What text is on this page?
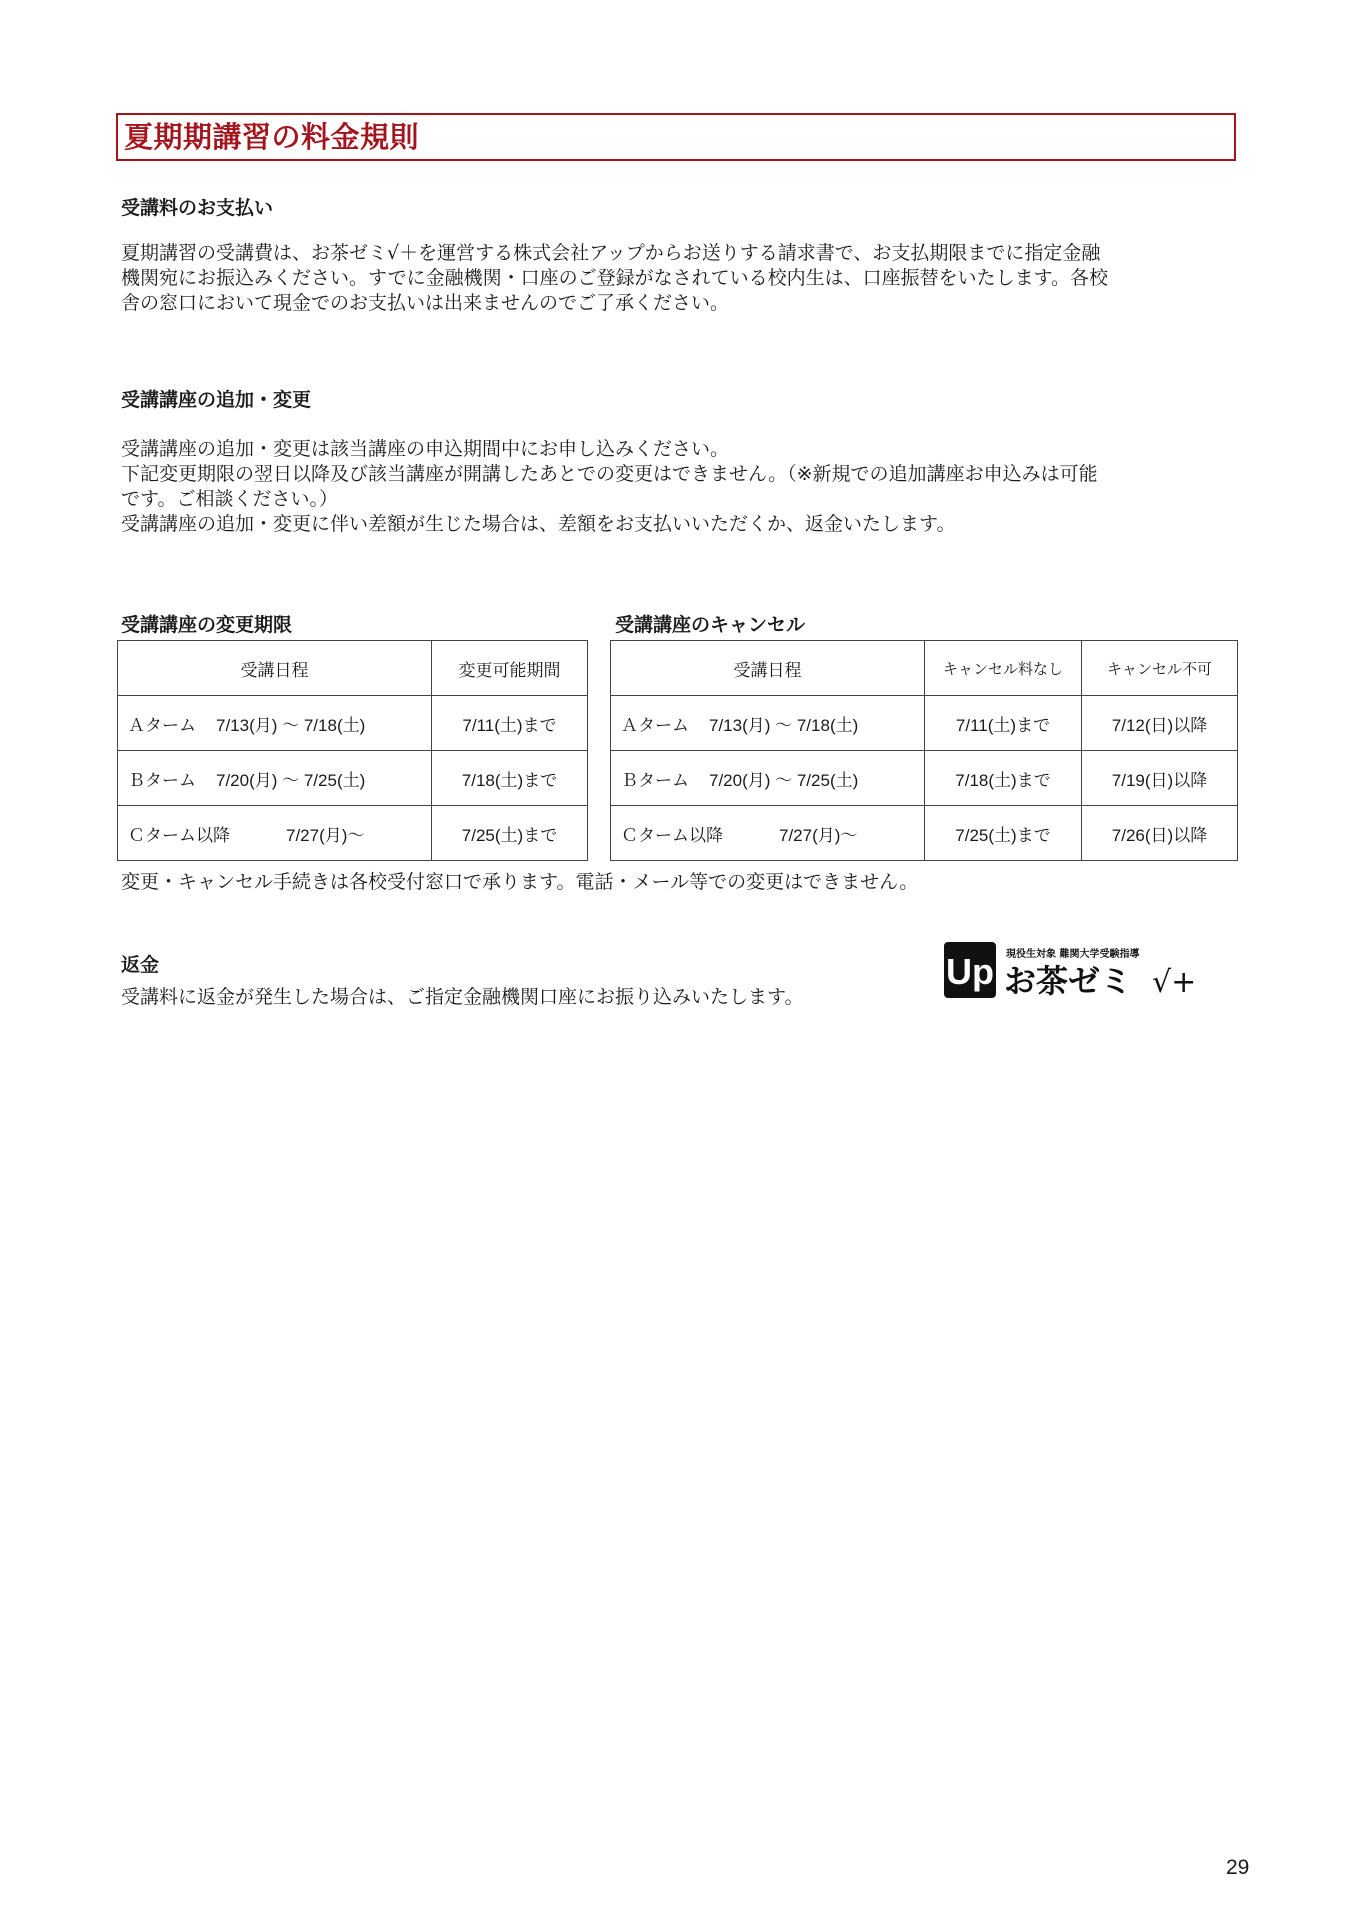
夏期期講習の料金規則
受講料のお支払い
夏期講習の受講費は、お茶ゼミ√＋を運営する株式会社アップからお送りする請求書で、お支払期限までに指定金融
機関宛にお振込みください。すでに金融機関・口座のご登録がなされている校内生は、口座振替をいたします。各校
舎の窓口において現金でのお支払いは出来ませんのでご了承ください。
受講講座の追加・変更
受講講座の追加・変更は該当講座の申込期間中にお申し込みください。
下記変更期限の翌日以降及び該当講座が開講したあとでの変更はできません。（※新規での追加講座お申込みは可能
です。ご相談ください。）
受講講座の追加・変更に伴い差額が生じた場合は、差額をお支払いいただくか、返金いたします。
受講講座の変更期限	受講講座のキャンセル
受講日程	変更可能期間
Ａターム 7/13(月) ～ 7/18(土)	7/11(土)まで
Ｂターム 7/20(月) ～ 7/25(土)	7/18(土)まで
Ｃターム以降 7/27(月)～	7/25(土)まで
受講日程	キャンセル料なし	キャンセル不可
Ａターム 7/13(月) ～ 7/18(土)	7/11(土)まで	7/12(日)以降
Ｂターム 7/20(月) ～ 7/25(土)	7/18(土)まで	7/19(日)以降
Ｃターム以降 7/27(月)～	7/25(土)まで	7/26(日)以降
変更・キャンセル手続きは各校受付窓口で承ります。電話・メール等での変更はできません。
返金
受講料に返金が発生した場合は、ご指定金融機関口座にお振り込みいたします。
Up 現役生対象 難関大学受験指導
お茶ゼミ √+
29
